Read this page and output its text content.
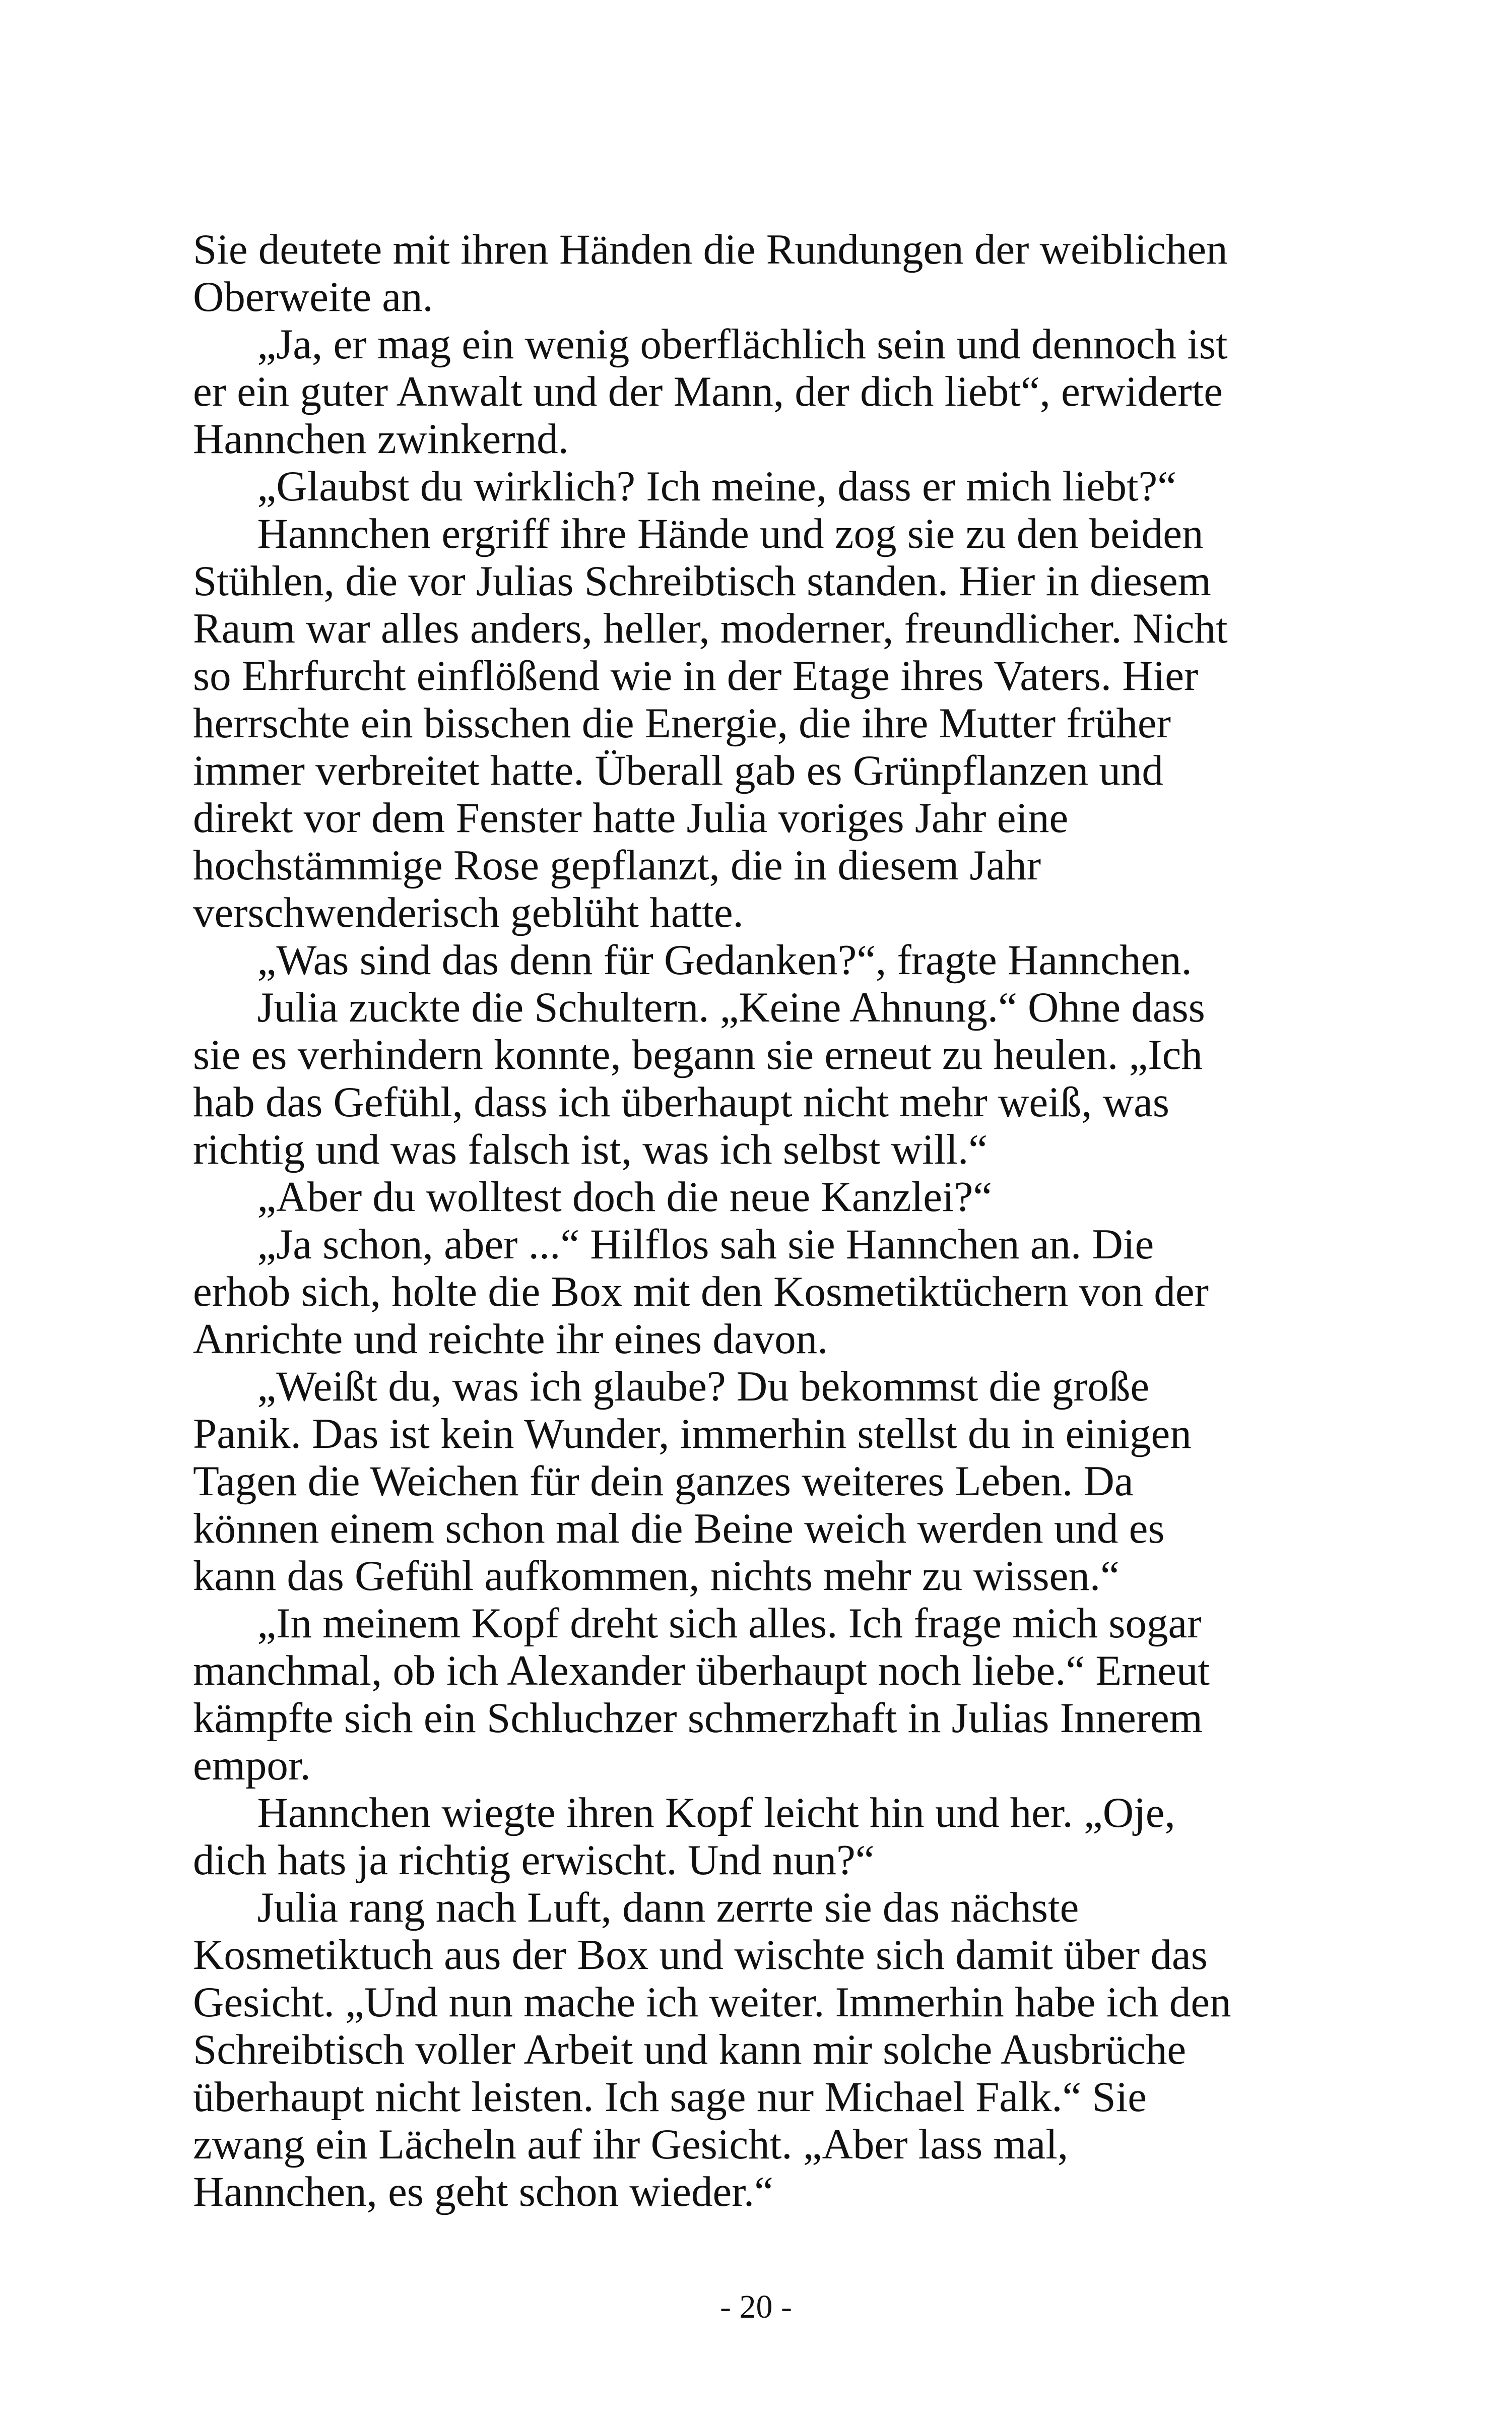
Sie deutete mit ihren Händen die Rundungen der weiblichen
Oberweite an.
„Ja, er mag ein wenig oberflächlich sein und dennoch ist
er ein guter Anwalt und der Mann, der dich liebt“, erwiderte
Hannchen zwinkernd.
„Glaubst du wirklich? Ich meine, dass er mich liebt?“
Hannchen ergriff ihre Hände und zog sie zu den beiden
Stühlen, die vor Julias Schreibtisch standen. Hier in diesem
Raum war alles anders, heller, moderner, freundlicher. Nicht
so Ehrfurcht einflößend wie in der Etage ihres Vaters. Hier
herrschte ein bisschen die Energie, die ihre Mutter früher
immer verbreitet hatte. Überall gab es Grünpflanzen und
direkt vor dem Fenster hatte Julia voriges Jahr eine
hochstämmige Rose gepflanzt, die in diesem Jahr
verschwenderisch geblüht hatte.
„Was sind das denn für Gedanken?“, fragte Hannchen.
Julia zuckte die Schultern. „Keine Ahnung.“ Ohne dass
sie es verhindern konnte, begann sie erneut zu heulen. „Ich
hab das Gefühl, dass ich überhaupt nicht mehr weiß, was
richtig und was falsch ist, was ich selbst will.“
„Aber du wolltest doch die neue Kanzlei?“
„Ja schon, aber ...“ Hilflos sah sie Hannchen an. Die
erhob sich, holte die Box mit den Kosmetiktüchern von der
Anrichte und reichte ihr eines davon.
„Weißt du, was ich glaube? Du bekommst die große
Panik. Das ist kein Wunder, immerhin stellst du in einigen
Tagen die Weichen für dein ganzes weiteres Leben. Da
können einem schon mal die Beine weich werden und es
kann das Gefühl aufkommen, nichts mehr zu wissen.“
„In meinem Kopf dreht sich alles. Ich frage mich sogar
manchmal, ob ich Alexander überhaupt noch liebe.“ Erneut
kämpfte sich ein Schluchzer schmerzhaft in Julias Innerem
empor.
Hannchen wiegte ihren Kopf leicht hin und her. „Oje,
dich hats ja richtig erwischt. Und nun?“
Julia rang nach Luft, dann zerrte sie das nächste
Kosmetiktuch aus der Box und wischte sich damit über das
Gesicht. „Und nun mache ich weiter. Immerhin habe ich den
Schreibtisch voller Arbeit und kann mir solche Ausbrüche
überhaupt nicht leisten. Ich sage nur Michael Falk.“ Sie
zwang ein Lächeln auf ihr Gesicht. „Aber lass mal,
Hannchen, es geht schon wieder.“
- 20 -
